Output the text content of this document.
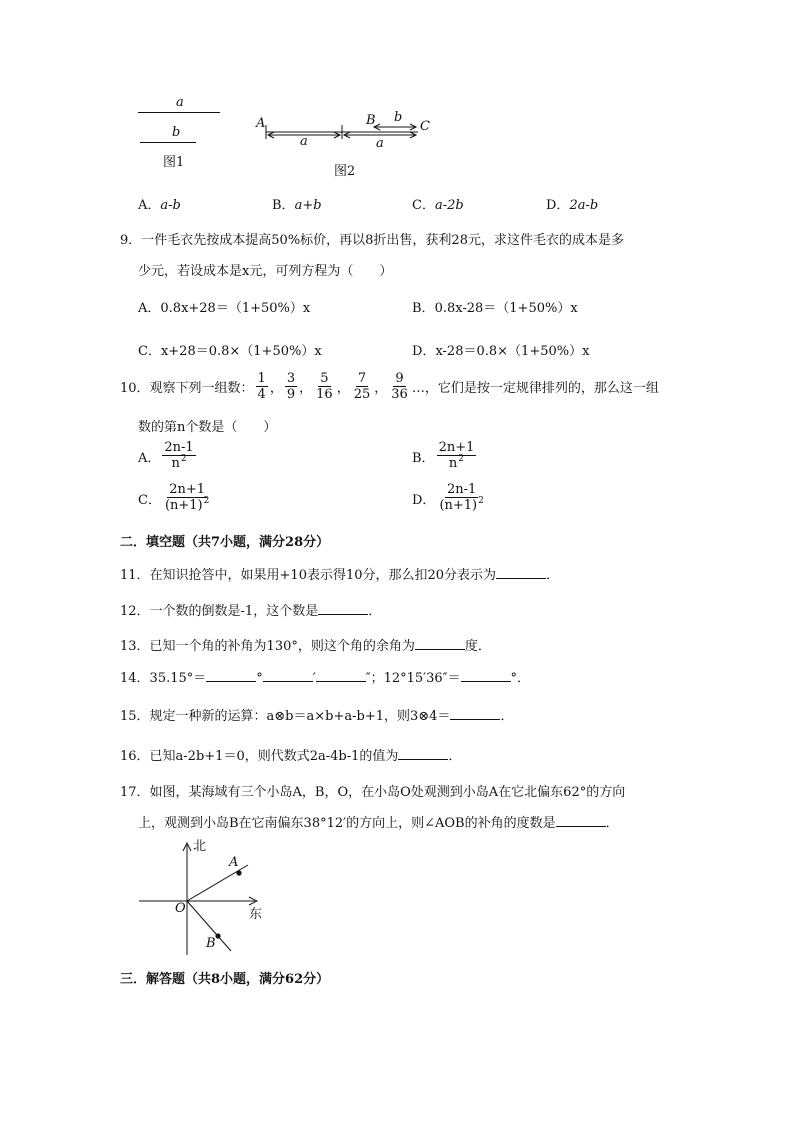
a
b
图1
A	B b
C
a	a
图2
A．a-b	B．a+b	C．a-2b	D．2a-b
9．一件毛衣先按成本提高50%标价，再以8折出售，获利28元，求这件毛衣的成本是多
少元，若设成本是x元，可列方程为（　　）
A．0.8x+28＝（1+50%）x	B．0.8x-28＝（1+50%）x
C．x+28＝0.8×（1+50%）x	D．x-28＝0.8×（1+50%）x
10．观察下列一组数： $\frac{1}{4}$ ， $\frac{3}{9}$ ， $\frac{5}{16}$ ， $\frac{7}{25}$ ， $\frac{9}{36}$ …，它们是按一定规律排列的，那么这一组
数的第n个数是（　　）
A． $\frac{2n-1}{n^2}$	B． $\frac{2n+1}{n^2}$
C． $\frac{2n+1}{(n+1)^2}$	D． $\frac{2n-1}{(n+1)^2}$
二．填空题（共7小题，满分28分）
11．在知识抢答中，如果用+10表示得10分，那么扣20分表示为	．
12．一个数的倒数是-1，这个数是	．
13．已知一个角的补角为130°，则这个角的余角为	度．
14．35.15°＝	°	′	″；12°15′36″＝	°．
15．规定一种新的运算：a⊗b＝a×b+a-b+1，则3⊗4＝	．
16．已知a-2b+1＝0，则代数式2a-4b-1的值为	．
17．如图，某海域有三个小岛A，B，O，在小岛O处观测到小岛A在它北偏东62°的方向
上，观测到小岛B在它南偏东38°12′的方向上，则∠AOB的补角的度数是	．
北
东
A
O
B
三．解答题（共8小题，满分62分）
